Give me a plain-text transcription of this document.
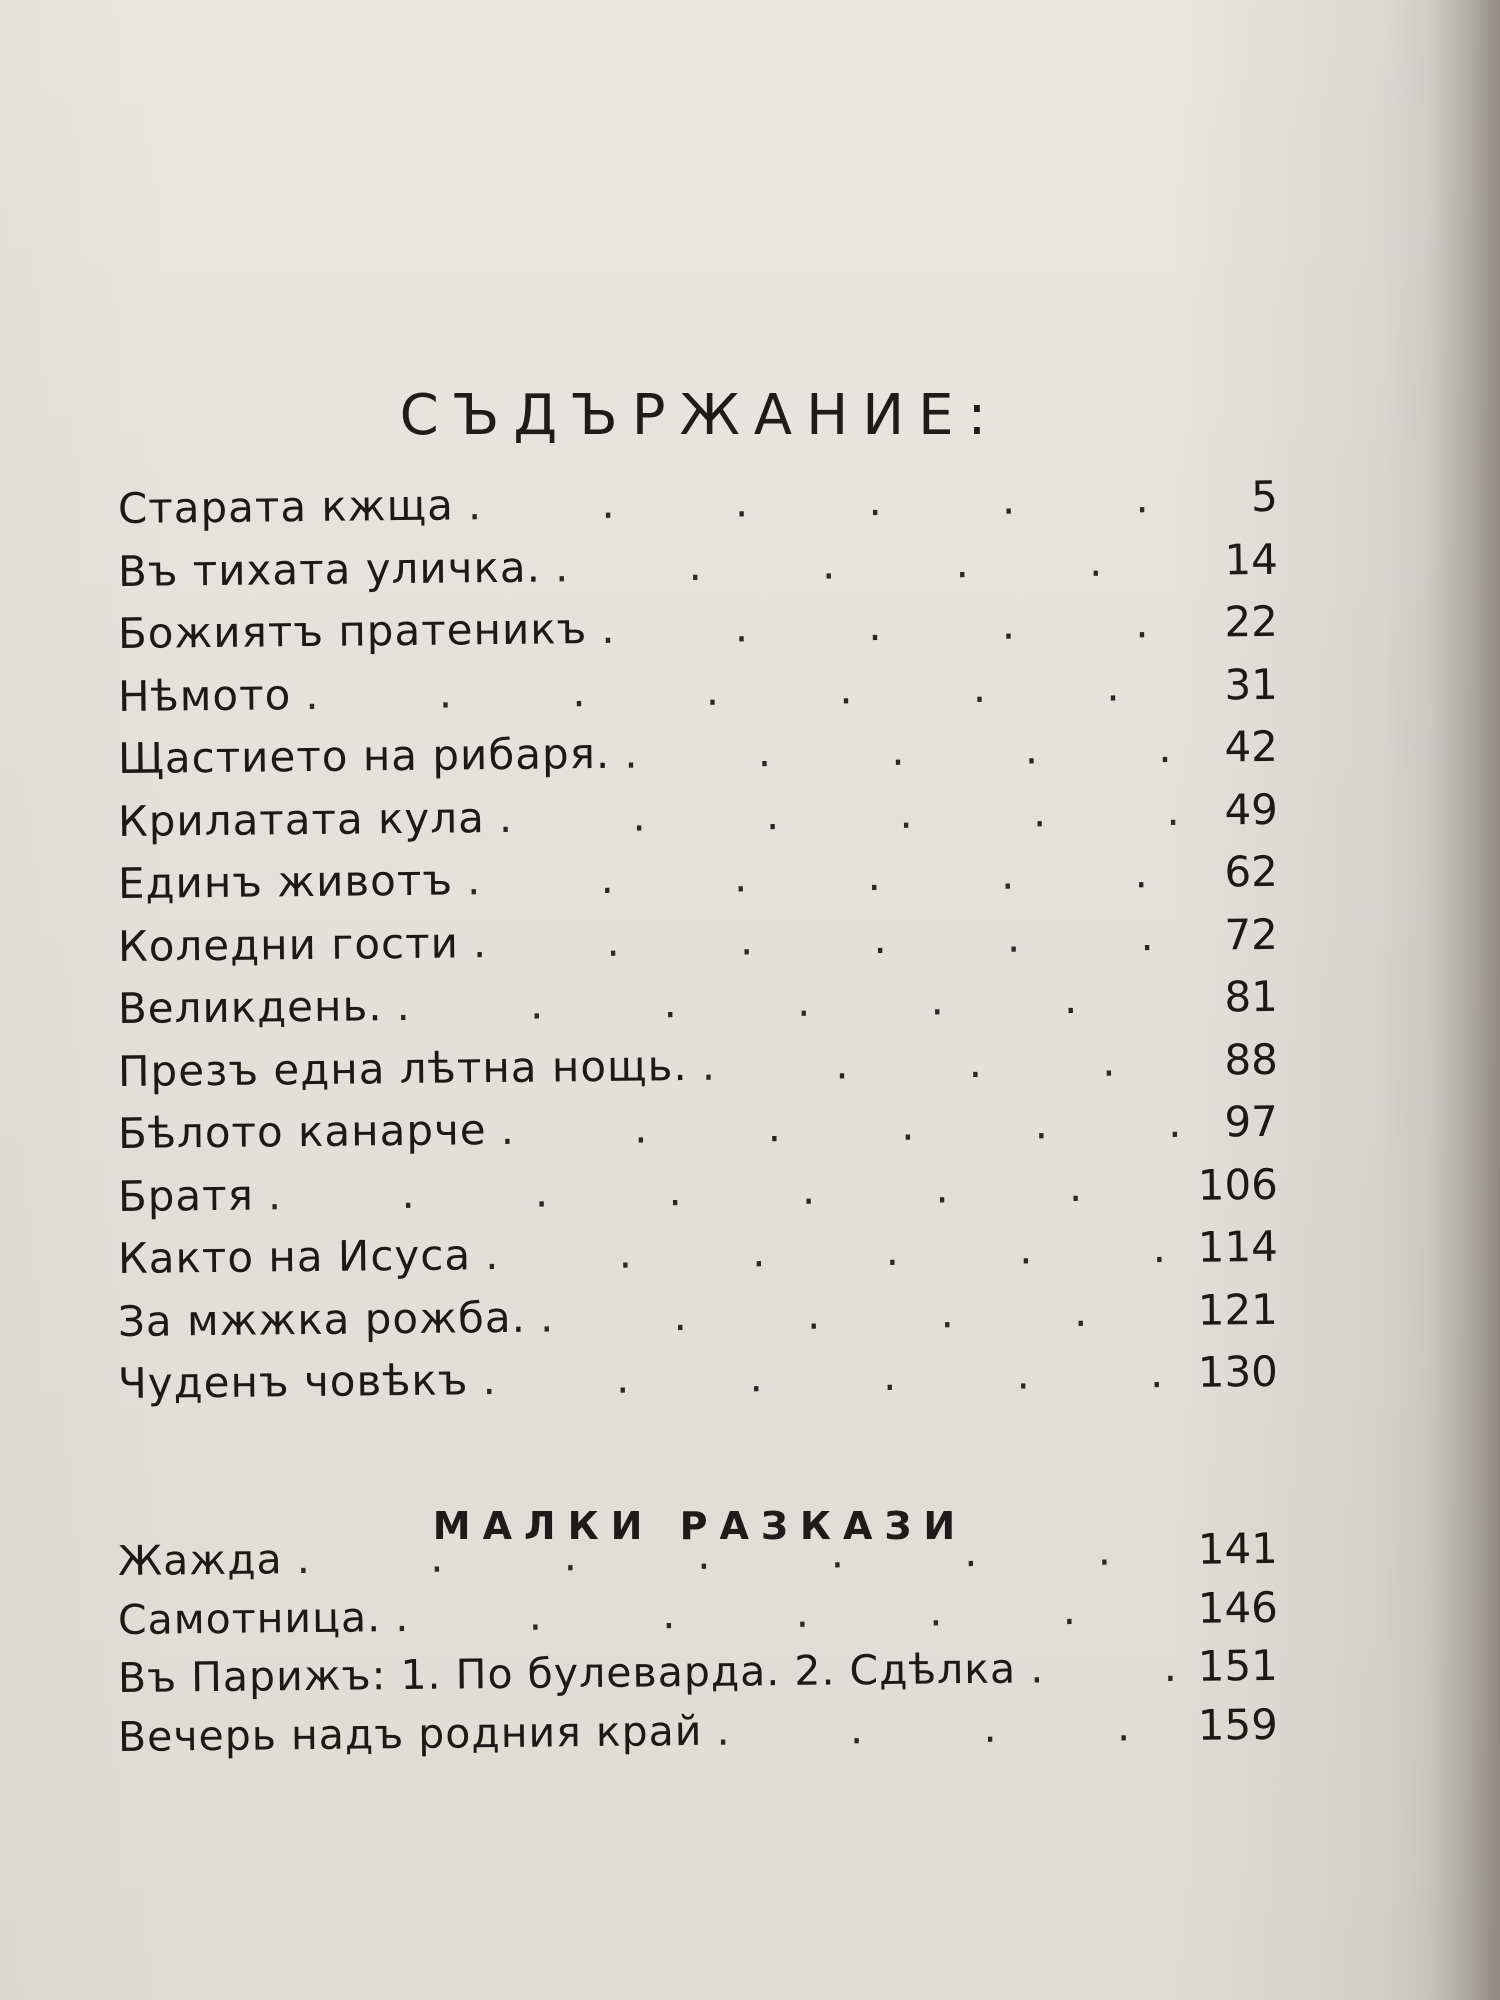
СЪДЪРЖАНИЕ:
Старата кжща .	5
Въ тихата уличка. .	14
Божиятъ пратеникъ .	22
Нѣмото .	31
Щастието на рибаря. .	42
Крилатата кула .	49
Единъ животъ .	62
Коледни гости .	72
Великдень. .	81
Презъ една лѣтна нощь. .	88
Бѣлото канарче .	97
Братя .	106
Както на Исуса .	114
За мжжка рожба. .	121
Чуденъ човѣкъ .	130
МАЛКИ РАЗКАЗИ
Жажда .	141
Самотница. .	146
Въ Парижъ: 1. По булеварда. 2. Сдѣлка .	151
Вечерь надъ родния край .	159
